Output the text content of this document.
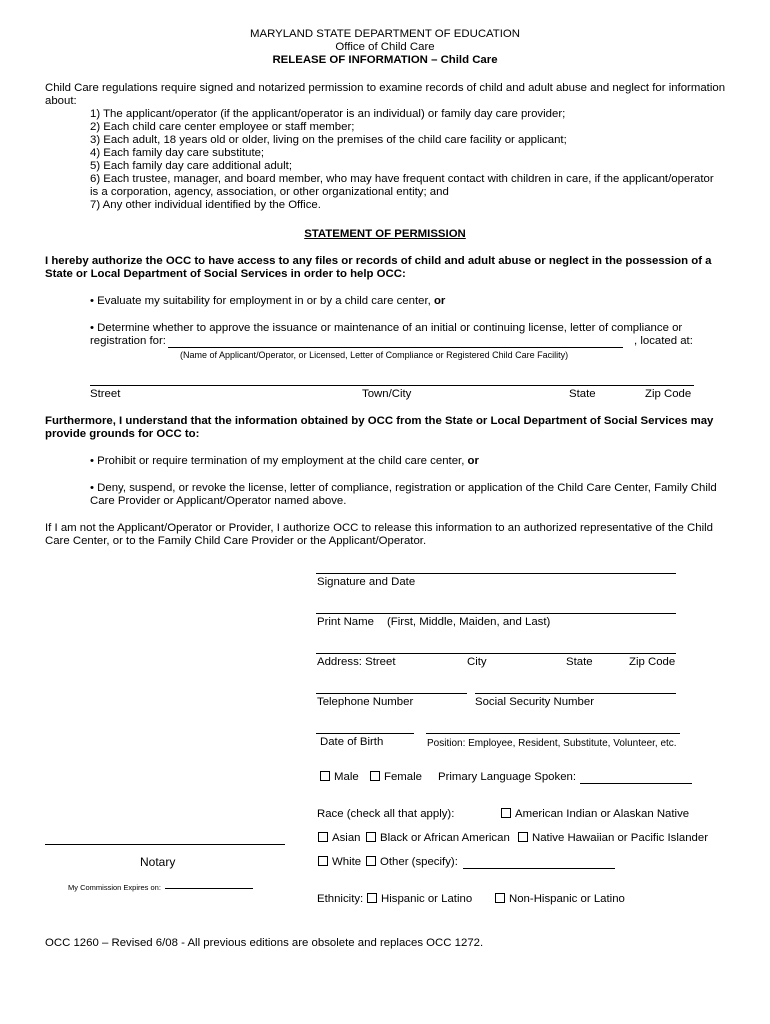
MARYLAND STATE DEPARTMENT OF EDUCATION
Office of Child Care
RELEASE OF INFORMATION – Child Care
Child Care regulations require signed and notarized permission to examine records of child and adult abuse and neglect for information
about:
1) The applicant/operator (if the applicant/operator is an individual) or family day care provider;
2) Each child care center employee or staff member;
3) Each adult, 18 years old or older, living on the premises of the child care facility or applicant;
4) Each family day care substitute;
5) Each family day care additional adult;
6) Each trustee, manager, and board member, who may have frequent contact with children in care, if the applicant/operator
is a corporation, agency, association, or other organizational entity; and
7) Any other individual identified by the Office.
STATEMENT OF PERMISSION
I hereby authorize the OCC to have access to any files or records of child and adult abuse or neglect in the possession of a
State or Local Department of Social Services in order to help OCC:
• Evaluate my suitability for employment in or by a child care center, or
• Determine whether to approve the issuance or maintenance of an initial or continuing license, letter of compliance or
registration for:	, located at:
(Name of Applicant/Operator, or Licensed, Letter of Compliance or Registered Child Care Facility)
Street	Town/City	State	Zip Code
Furthermore, I understand that the information obtained by OCC from the State or Local Department of Social Services may
provide grounds for OCC to:
• Prohibit or require termination of my employment at the child care center, or
• Deny, suspend, or revoke the license, letter of compliance, registration or application of the Child Care Center, Family Child
Care Provider or Applicant/Operator named above.
If I am not the Applicant/Operator or Provider, I authorize OCC to release this information to an authorized representative of the Child
Care Center, or to the Family Child Care Provider or the Applicant/Operator.
Signature and Date
Print Name (First, Middle, Maiden, and Last)
Address: Street	City	State	Zip Code
Telephone Number	Social Security Number
Date of Birth	Position: Employee, Resident, Substitute, Volunteer, etc.
Male	Female Primary Language Spoken:
Race (check all that apply):	American Indian or Alaskan Native
Asian	Black or African American	Native Hawaiian or Pacific Islander
White	Other (specify):
Ethnicity:	Hispanic or Latino	Non-Hispanic or Latino
Notary
My Commission Expires on:
OCC 1260 – Revised 6/08 - All previous editions are obsolete and replaces OCC 1272.
